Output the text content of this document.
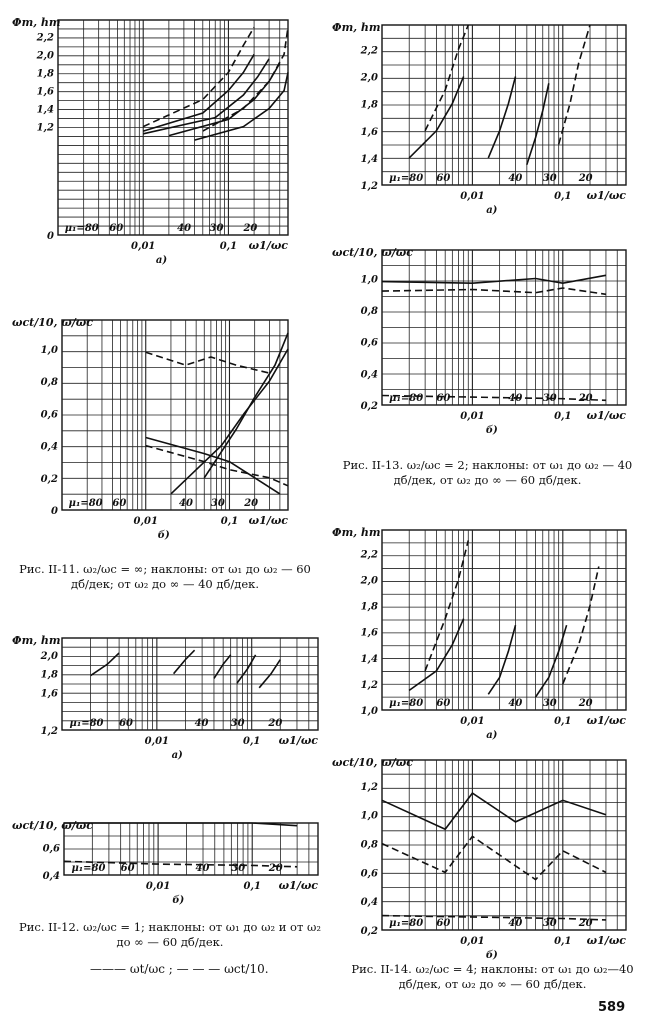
0
1,2
1,4
1,6
1,8
2,0
2,2
0,01	0,1
Φm, hm
ω1/ωc
а)
μ₁=80 60	40 30 20
0
0,2
0,4
0,6
0,8
1,0
0,01	0,1
ωct/10, ω/ωc
ω1/ωc
б)
μ₁=80 60	40 30 20
1,2
1,6
1,8
2,0
0,01	0,1
Φm, hm
ω1/ωc
а)
μ₁=80 60	40 30 20
0,4
0,6
0,01	0,1
ωct/10, ω/ωc
ω1/ωc
б)
μ₁=80 60	40 30 20
1,2
1,4
1,6
1,8
2,0
2,2
0,01	0,1
Φm, hm
ω1/ωc
а)
μ₁=80 60	40 30 20
0,2
0,4
0,6
0,8
1,0
0,01	0,1
ωct/10, ω/ωc
ω1/ωc
б)
μ₁=80 60	40 30 20
1,0
1,2
1,4
1,6
1,8
2,0
2,2
0,01	0,1
Φm, hm
ω1/ωc
а)
μ₁=80 60	40 30 20
0,2
0,4
0,6
0,8
1,0
1,2
0,01	0,1
ωct/10, ω/ωc
ω1/ωc
б)
μ₁=80 60	40 30 20
Рис. II-11. ω₂/ωc = ∞; наклоны: от ω₁ до ω₂ — 60 дб/дек; от ω₂ до ∞ — 40 дб/дек.
Рис. II-12. ω₂/ωc = 1; наклоны: от ω₁ до ω₂ и от ω₂ до ∞ — 60 дб/дек.
——— ωt/ωc ; — — — ωct/10.
Рис. II-13. ω₂/ωc = 2; наклоны: от ω₁ до ω₂ — 40 дб/дек, от ω₂ до ∞ — 60 дб/дек.
Рис. II-14. ω₂/ωc = 4; наклоны: от ω₁ до ω₂—40 дб/дек, от ω₂ до ∞ — 60 дб/дек.
589
